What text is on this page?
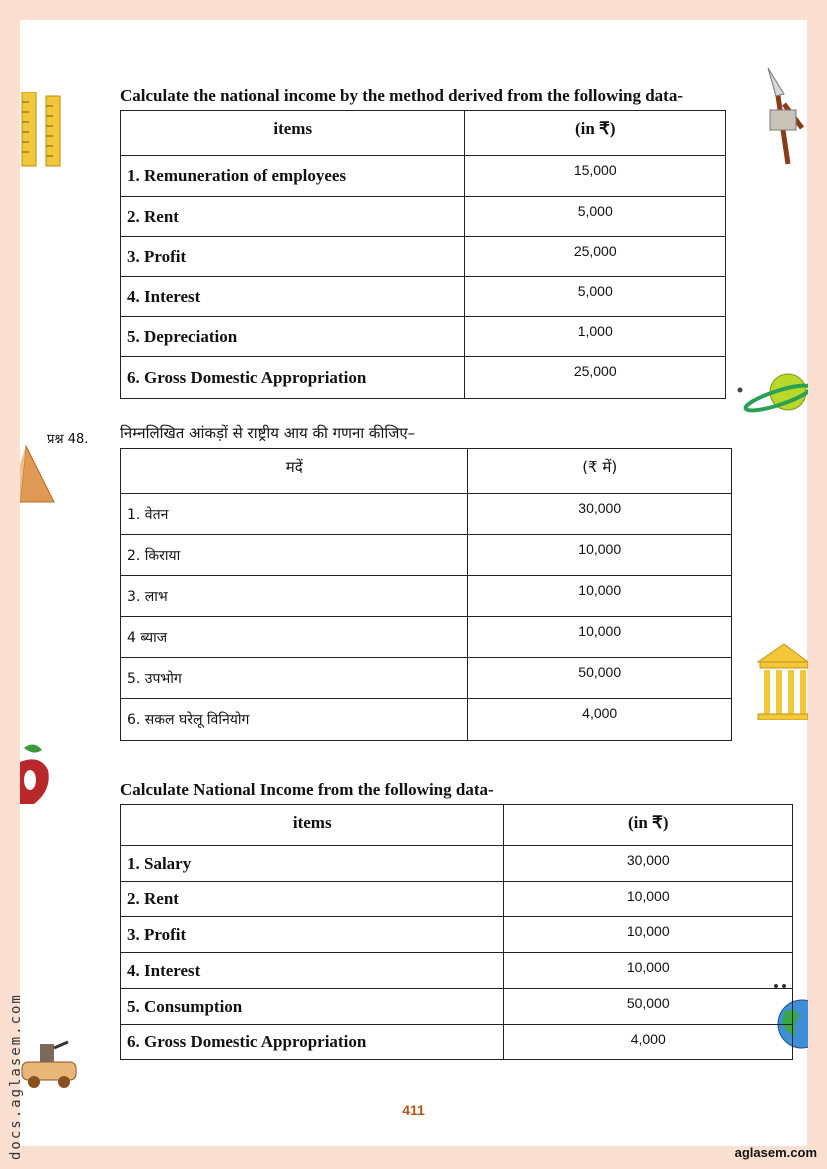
Calculate the national income by the method derived from the following data-
items	(in ₹)
1. Remuneration of employees	15,000
2. Rent	5,000
3. Profit	25,000
4. Interest	5,000
5. Depreciation	1,000
6. Gross Domestic Appropriation	25,000
प्रश्न 48. निम्नलिखित आंकड़ों से राष्ट्रीय आय की गणना कीजिए–
मदें	(₹ में)
1. वेतन	30,000
2. किराया	10,000
3. लाभ	10,000
4 ब्याज	10,000
5. उपभोग	50,000
6. सकल घरेलू विनियोग	4,000
Calculate National Income from the following data-
items	(in ₹)
1. Salary	30,000
2. Rent	10,000
3. Profit	10,000
4. Interest	10,000
5. Consumption	50,000
6. Gross Domestic Appropriation	4,000
411
docs.aglasem.com	aglasem.com
